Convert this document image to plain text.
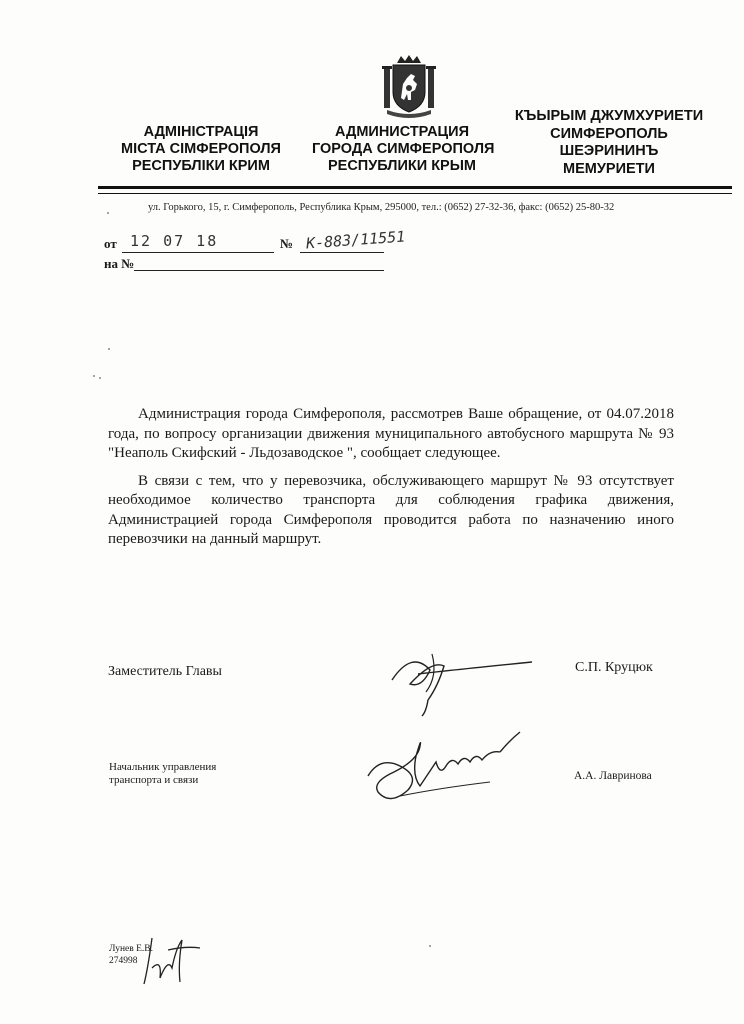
АДМІНІСТРАЦІЯ
МІСТА СІМФЕРОПОЛЯ
РЕСПУБЛІКИ КРИМ
АДМИНИСТРАЦИЯ
ГОРОДА СИМФЕРОПОЛЯ
РЕСПУБЛИКИ КРЫМ
КЪЫРЫМ ДЖУМХУРИЕТИ
СИМФЕРОПОЛЬ
ШЕЭРИНИНЪ
МЕМУРИЕТИ
ул. Горького, 15, г. Симферополь, Республика Крым, 295000, тел.: (0652) 27-32-36, факс: (0652) 25-80-32
от 12 07 18	№ К-883/11551
на №

Администрация города Симферополя, рассмотрев Ваше обращение, от 04.07.2018 года, по вопросу организации движения муниципального автобусного маршрута № 93 "Неаполь Скифский - Льдозаводское ", сообщает следующее.

В связи с тем, что у перевозчика, обслуживающего маршрут № 93 отсутствует необходимое количество транспорта для соблюдения графика движения, Администрацией города Симферополя проводится работа по назначению иного перевозчики на данный маршрут.

Заместитель Главы	С.П. Круцюк
Начальник управления
транспорта и связи	А.А. Лавринова
Лунев Е.В.
274998
